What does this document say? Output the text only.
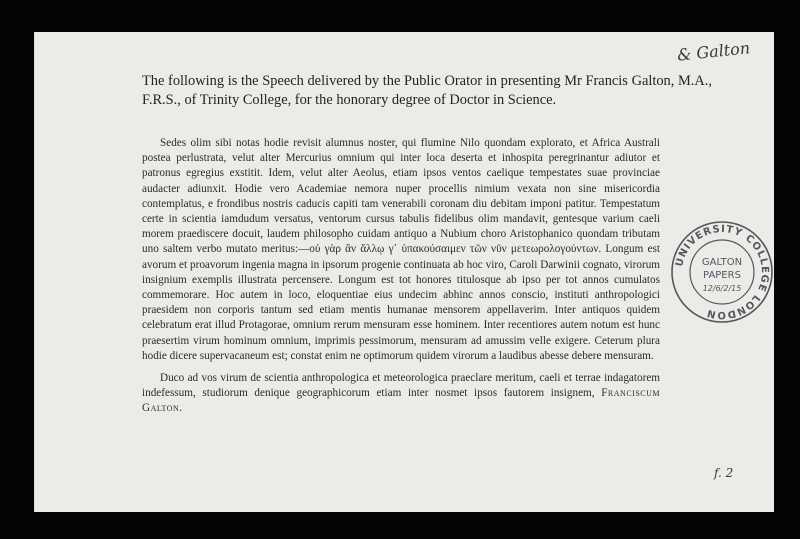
& Galton

The following is the Speech delivered by the Public Orator in presenting Mr Francis Galton, M.A., F.R.S., of Trinity College, for the honorary degree of Doctor in Science.

Sedes olim sibi notas hodie revisit alumnus noster, qui flumine Nilo quondam explorato, et Africa Australi postea perlustrata, velut alter Mercurius omnium qui inter loca deserta et inhospita peregrinantur adiutor et patronus egregius exstitit. Idem, velut alter Aeolus, etiam ipsos ventos caelique tempestates suae provinciae audacter adiunxit. Hodie vero Academiae nemora nuper procellis nimium vexata non sine misericordia contemplatus, e frondibus nostris caducis capiti tam venerabili coronam diu debitam imponi patitur. Tempestatum certe in scientia iamdudum versatus, ventorum cursus tabulis fidelibus olim mandavit, gentesque varium caeli morem praediscere docuit, laudem philosopho cuidam antiquo a Nubium choro Aristophanico quondam tributam uno saltem verbo mutato meritus:—οὐ γὰρ ἂν ἄλλῳ γ᾽ ὑπακούσαιμεν τῶν νῦν μετεωρολογούντων. Longum est avorum et proavorum ingenia magna in ipsorum progenie continuata ab hoc viro, Caroli Darwinii cognato, virorum insignium exemplis illustrata percensere. Longum est tot honores titulosque ab ipso per tot annos cumulatos commemorare. Hoc autem in loco, eloquentiae eius undecim abhinc annos conscio, instituti anthropologici praesidem non corporis tantum sed etiam mentis humanae mensorem appellaverim. Inter antiquos quidem celebratum erat illud Protagorae, omnium rerum mensuram esse hominem. Inter recentiores autem notum est hunc praesertim virum hominum omnium, imprimis pessimorum, mensuram ad amussim velle exigere. Ceterum plura hodie dicere supervacaneum est; constat enim ne optimorum quidem virorum a laudibus abesse debere mensuram.

Duco ad vos virum de scientia anthropologica et meteorologica praeclare meritum, caeli et terrae indagatorem indefessum, studiorum denique geographicorum etiam inter nosmet ipsos fautorem insignem, Franciscum Galton.

UNIVERSITY COLLEGE LONDON
GALTON
PAPERS
12/6/2/15
f. 2
